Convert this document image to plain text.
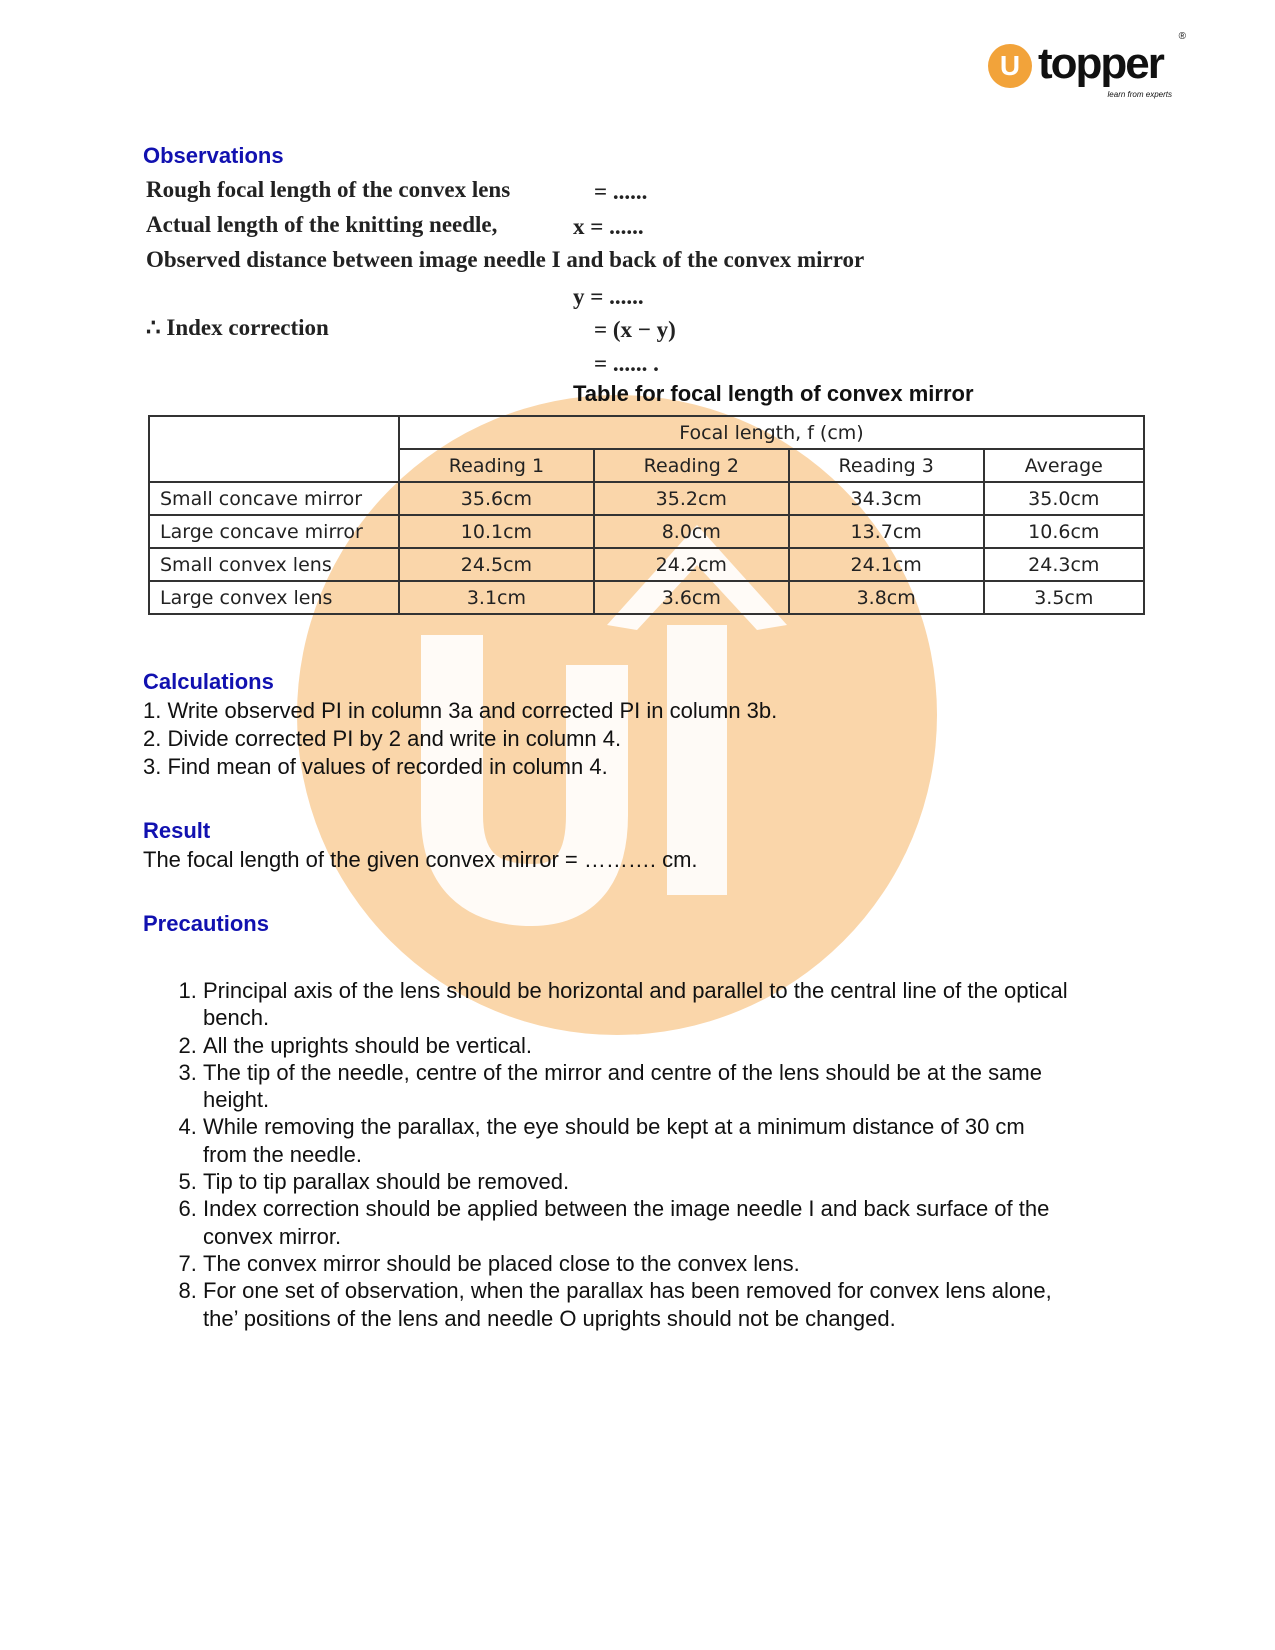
U topper
learn from experts
®
Observations
Rough focal length of the convex lens	= ......
Actual length of the knitting needle,	x = ......
Observed distance between image needle I and back of the convex mirror
y = ......
∴ Index correction	= (x − y)
= ...... .
Table for focal length of convex mirror
	Focal length, f (cm)			
	Reading 1	Reading 2	Reading 3	Average
Small concave mirror	35.6cm	35.2cm	34.3cm	35.0cm
Large concave mirror	10.1cm	8.0cm	13.7cm	10.6cm
Small convex lens	24.5cm	24.2cm	24.1cm	24.3cm
Large convex lens	3.1cm	3.6cm	3.8cm	3.5cm
Calculations
1. Write observed PI in column 3a and corrected PI in column 3b.
2. Divide corrected PI by 2 and write in column 4.
3. Find mean of values of recorded in column 4.
Result
The focal length of the given convex mirror = ………. cm.
Precautions
1. Principal axis of the lens should be horizontal and parallel to the central line of the optical bench.
2. All the uprights should be vertical.
3. The tip of the needle, centre of the mirror and centre of the lens should be at the same height.
4. While removing the parallax, the eye should be kept at a minimum distance of 30 cm from the needle.
5. Tip to tip parallax should be removed.
6. Index correction should be applied between the image needle I and back surface of the convex mirror.
7. The convex mirror should be placed close to the convex lens.
8. For one set of observation, when the parallax has been removed for convex lens alone, the’ positions of the lens and needle O uprights should not be changed.
